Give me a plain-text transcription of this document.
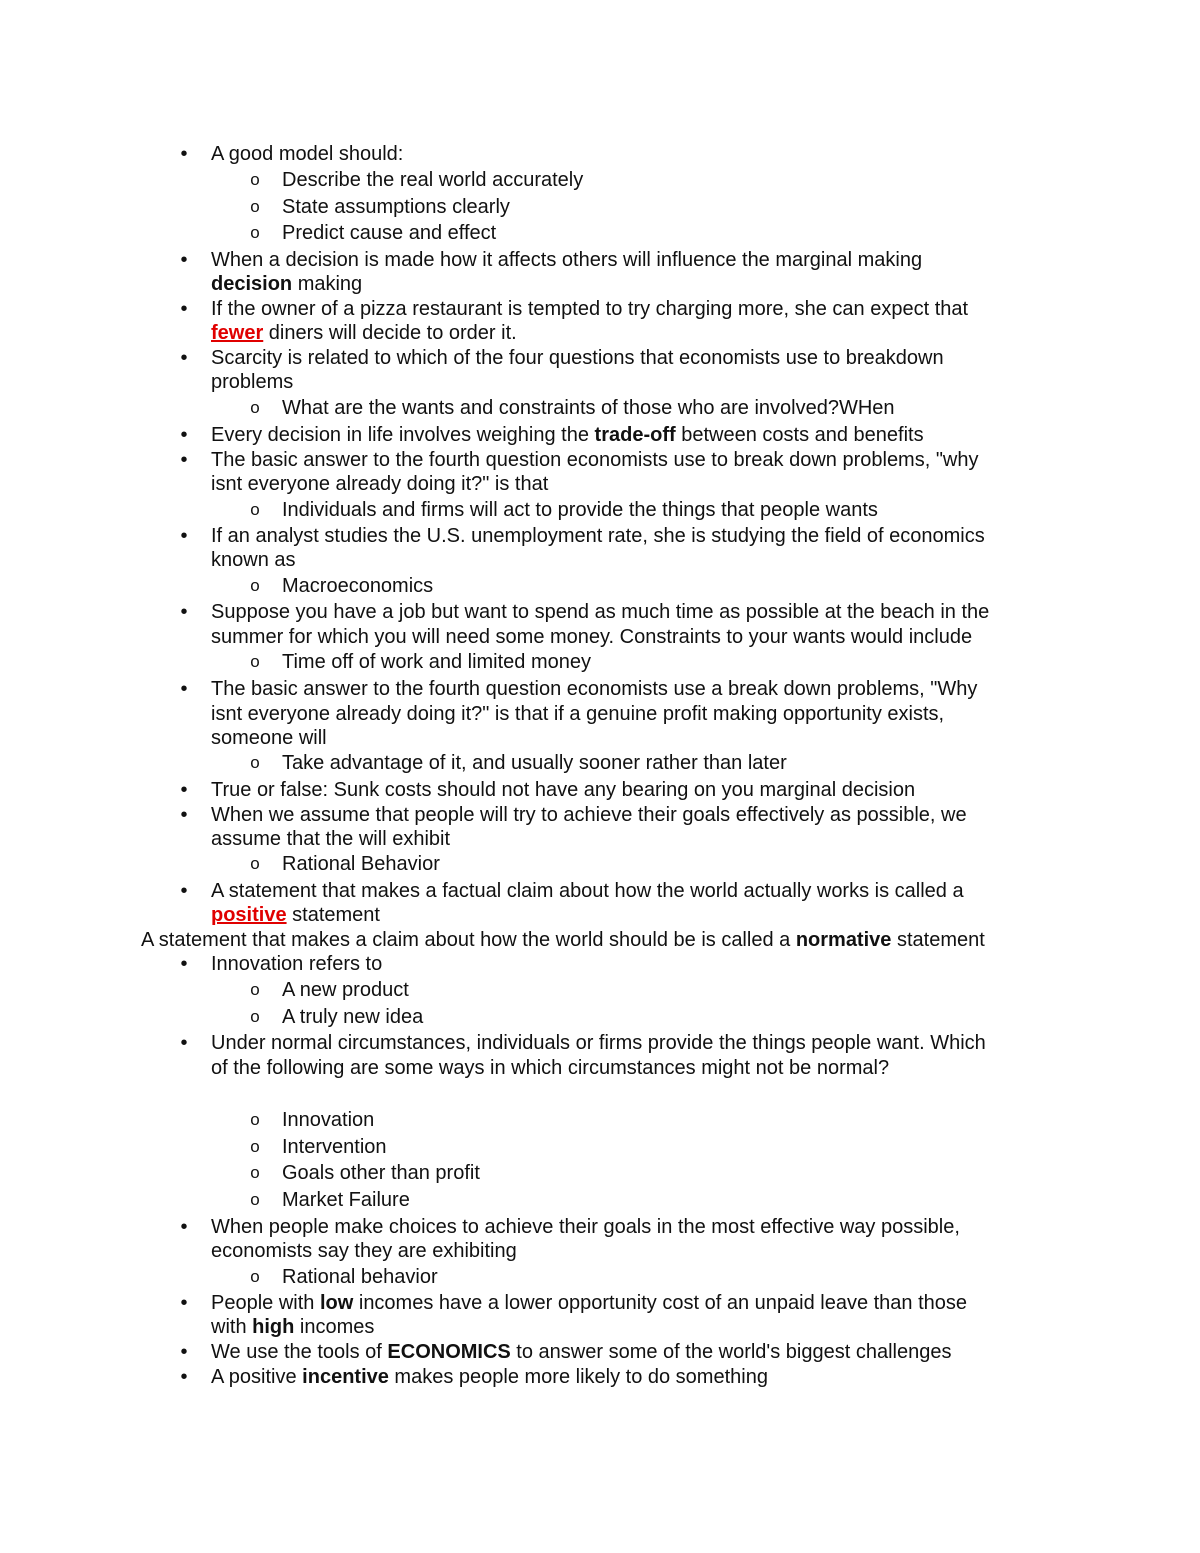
• A good model should:
o Describe the real world accurately
o State assumptions clearly
o Predict cause and effect
• When a decision is made how it affects others will influence the marginal making
decision making
• If the owner of a pizza restaurant is tempted to try charging more, she can expect that
fewer diners will decide to order it.
• Scarcity is related to which of the four questions that economists use to breakdown
problems
o What are the wants and constraints of those who are involved?WHen
• Every decision in life involves weighing the trade-off between costs and benefits
• The basic answer to the fourth question economists use to break down problems, "why
isnt everyone already doing it?" is that
o Individuals and firms will act to provide the things that people wants
• If an analyst studies the U.S. unemployment rate, she is studying the field of economics
known as
o Macroeconomics
• Suppose you have a job but want to spend as much time as possible at the beach in the
summer for which you will need some money. Constraints to your wants would include
o Time off of work and limited money
• The basic answer to the fourth question economists use a break down problems, "Why
isnt everyone already doing it?" is that if a genuine profit making opportunity exists,
someone will
o Take advantage of it, and usually sooner rather than later
• True or false: Sunk costs should not have any bearing on you marginal decision
• When we assume that people will try to achieve their goals effectively as possible, we
assume that the will exhibit
o Rational Behavior
• A statement that makes a factual claim about how the world actually works is called a
positive statement
A statement that makes a claim about how the world should be is called a normative statement
• Innovation refers to
o A new product
o A truly new idea
• Under normal circumstances, individuals or firms provide the things people want. Which
of the following are some ways in which circumstances might not be normal?
o Innovation
o Intervention
o Goals other than profit
o Market Failure
• When people make choices to achieve their goals in the most effective way possible,
economists say they are exhibiting
o Rational behavior
• People with low incomes have a lower opportunity cost of an unpaid leave than those
with high incomes
• We use the tools of ECONOMICS to answer some of the world's biggest challenges
• A positive incentive makes people more likely to do something
